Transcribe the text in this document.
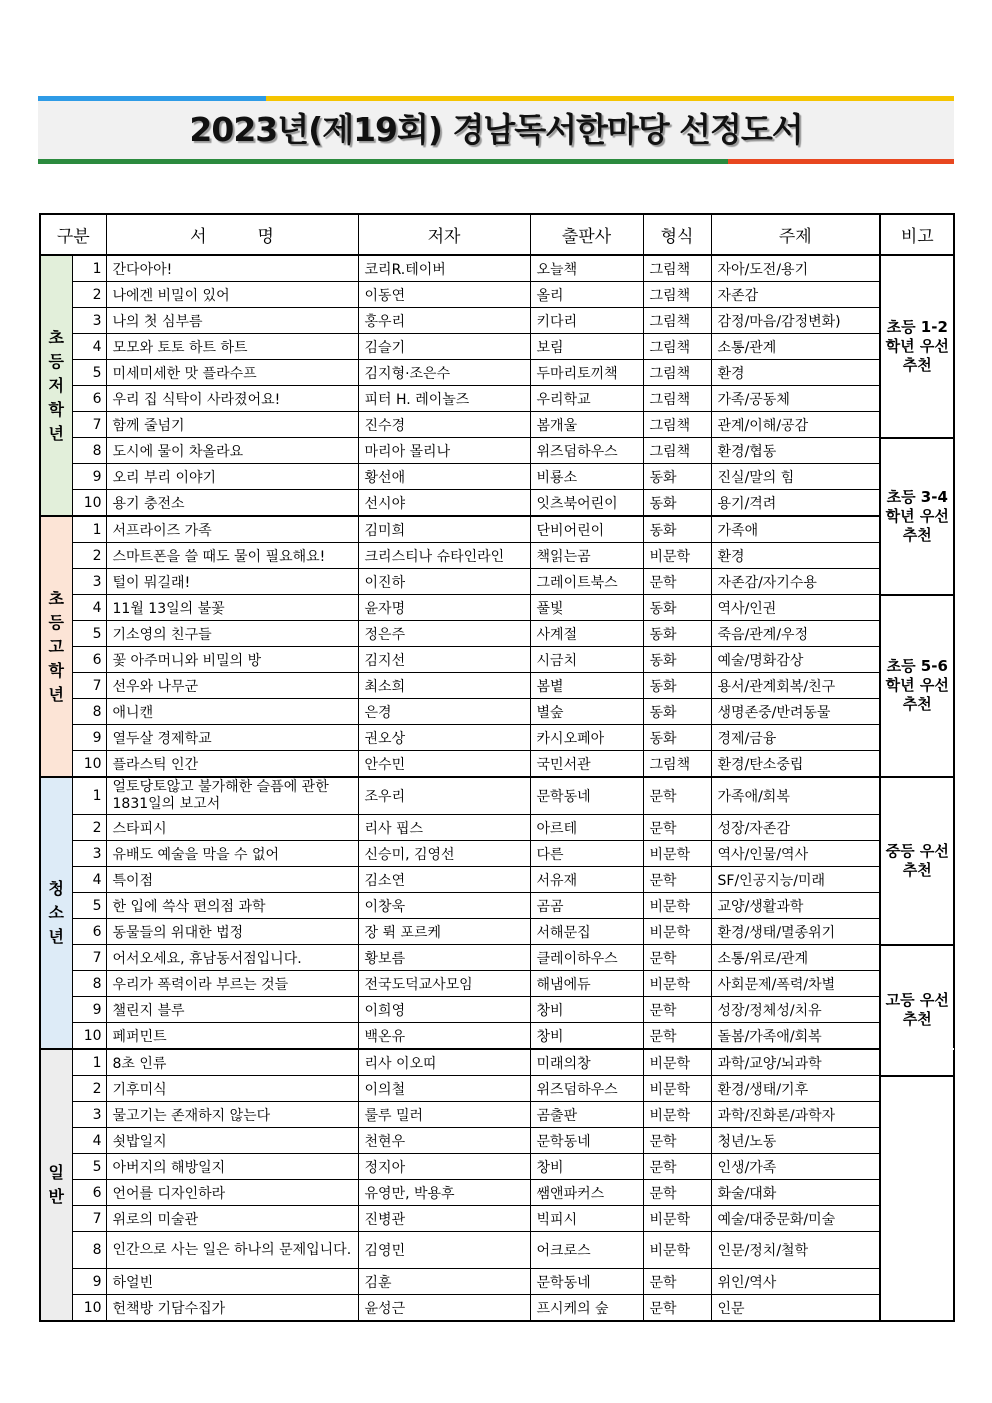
2023년(제19회) 경남독서한마당 선정도서
구분		서　　　명	저자	출판사	형식	주제	비고	
초등저학년	1	간다아아!	코리R.테이버	오늘책	그림책	자아/도전/용기	초등 1-2학년 우선 추천	
	2	나에겐 비밀이 있어	이동연	올리	그림책	자존감		
	3	나의 첫 심부름	홍우리	키다리	그림책	감정/마음/감정변화)		
	4	모모와 토토 하트 하트	김슬기	보림	그림책	소통/관계		
	5	미세미세한 맛 플라수프	김지형·조은수	두마리토끼책	그림책	환경		
	6	우리 집 식탁이 사라졌어요!	피터 H. 레이놀즈	우리학교	그림책	가족/공동체		
	7	함께 줄넘기	진수경	봄개울	그림책	관계/이해/공감		
	8	도시에 물이 차올라요	마리아 몰리나	위즈덤하우스	그림책	환경/협동	초등 3-4학년 우선 추천	
	9	오리 부리 이야기	황선애	비룡소	동화	진실/말의 힘		
	10	용기 충전소	선시야	잇츠북어린이	동화	용기/격려		
초등고학년	1	서프라이즈 가족	김미희	단비어린이	동화	가족애		
	2	스마트폰을 쓸 때도 물이 필요해요!	크리스티나 슈타인라인	책읽는곰	비문학	환경		
	3	털이 뭐길래!	이진하	그레이트북스	문학	자존감/자기수용		
	4	11월 13일의 불꽃	윤자명	풀빛	동화	역사/인권	초등 5-6학년 우선 추천	
	5	기소영의 친구들	정은주	사계절	동화	죽음/관계/우정		
	6	꽃 아주머니와 비밀의 방	김지선	시금치	동화	예술/명화감상		
	7	선우와 나무군	최소희	봄볕	동화	용서/관계회복/친구		
	8	애니캔	은경	별숲	동화	생명존중/반려동물		
	9	열두살 경제학교	권오상	카시오페아	동화	경제/금융		
	10	플라스틱 인간	안수민	국민서관	그림책	환경/탄소중립		
청소년	1	얼토당토않고 불가해한 슬픔에 관한1831일의 보고서	조우리	문학동네	문학	가족애/회복	중등 우선 추천	
	2	스타피시	리사 핍스	아르테	문학	성장/자존감		
	3	유배도 예술을 막을 수 없어	신승미, 김영선	다른	비문학	역사/인물/역사		
	4	특이점	김소연	서유재	문학	SF/인공지능/미래		
	5	한 입에 쓱삭 편의점 과학	이창욱	곰곰	비문학	교양/생활과학		
	6	동물들의 위대한 법정	장 뤽 포르케	서해문집	비문학	환경/생태/멸종위기		
	7	어서오세요, 휴남동서점입니다.	황보름	클레이하우스	문학	소통/위로/관계	고등 우선 추천	
	8	우리가 폭력이라 부르는 것들	전국도덕교사모임	해냄에듀	비문학	사회문제/폭력/차별		
	9	챌린지 블루	이희영	창비	문학	성장/정체성/치유		
	10	페퍼민트	백온유	창비	문학	돌봄/가족애/회복		
일반	1	8초 인류	리사 이오띠	미래의창	비문학	과학/교양/뇌과학		
	2	기후미식	이의철	위즈덤하우스	비문학	환경/생태/기후		
	3	물고기는 존재하지 않는다	룰루 밀러	곰출판	비문학	과학/진화론/과학자		
	4	쇳밥일지	천현우	문학동네	문학	청년/노동		
	5	아버지의 해방일지	정지아	창비	문학	인생/가족		
	6	언어를 디자인하라	유영만, 박용후	쌤앤파커스	문학	화술/대화		
	7	위로의 미술관	진병관	빅피시	비문학	예술/대중문화/미술		
	8	인간으로 사는 일은 하나의 문제입니다.	김영민	어크로스	비문학	인문/정치/철학		
	9	하얼빈	김훈	문학동네	문학	위인/역사		
	10	헌책방 기담수집가	윤성근	프시케의 숲	문학	인문		
